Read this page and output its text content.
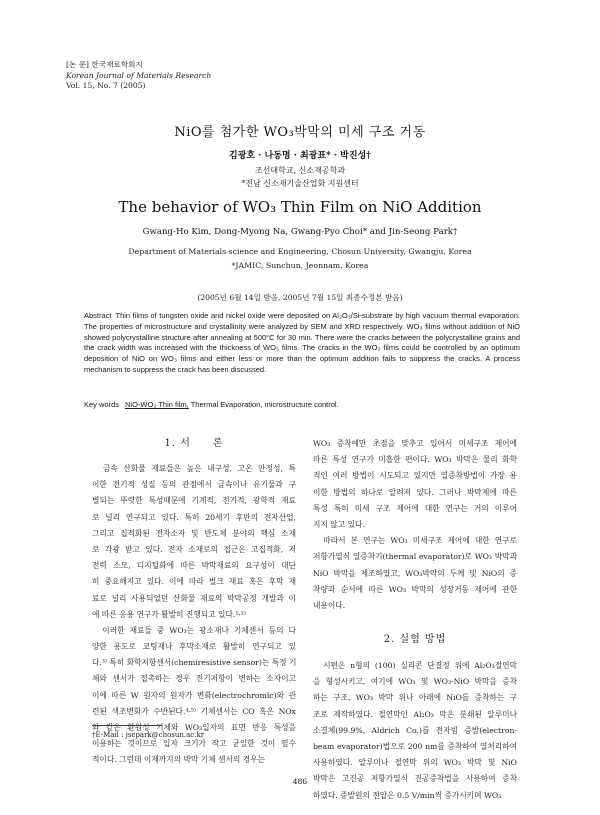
[논 문] 한국재료학회지
Korean Journal of Materials Research
Vol. 15, No. 7 (2005)
NiO를 첨가한 WO₃박막의 미세 구조 거동
김광호 · 나동명 · 최광표* · 박진성†
조선대학교, 신소재공학과
*전남 신소재기술산업화 지원센터
The behavior of WO₃ Thin Film on NiO Addition
Gwang-Ho Kim, Dong-Myong Na, Gwang-Pyo Choi* and Jin-Seong Park†
Department of Materials science and Engineering, Chosun University, Gwangju, Korea
*JAMIC, Sunchun, Jeonnam, Korea
(2005년 6월 14일 받음, 2005년 7월 15일 최종수정본 받음)
Abstract Thin films of tungsten oxide and nickel oxide were deposited on Al₂O₃/Si-substrate by high vacuum thermal evaporation. The properties of microstructure and crystallinity were analyzed by SEM and XRD respectively. WO₃ films without addition of NiO showed polycrystalline structure after annealing at 500°C for 30 min. There were the cracks between the polycrystalline grains and the crack width was increased with the thickness of WO₃ films. The cracks in the WO₃ films could be controlled by an optimum deposition of NiO on WO₃ films and either less or more than the optimum addition fails to suppress the cracks. A process mechanism to suppress the crack has been discussed.
Key words NiO-WO₃ Thin film, Thermal Evaporation, microstructure control.
1. 서　　론
　금속 산화물 재료들은 높은 내구성, 고온 안정성, 특
이한 전기적 성질 등의 관점에서 금속이나 유기물과 구
별되는 뚜렷한 특성때문에 기계적, 전기적, 광학적 재료
로 널리 연구되고 있다. 특히 20세기 후반의 전자산업,
그리고 집적화된 전자소자 및 반도체 분야의 핵심 소재
로 각광 받고 있다. 전자 소재로의 접근은 고집적화, 저
전력 소모, 디지털화에 따른 박막재료의 요구성이 대단
히 중요해지고 있다. 이에 따라 벌크 재료 혹은 후막 재
료로 널리 사용되었던 산화물 재료의 박막공정 개발과 이
에 따른 응용 연구가 활발히 진행되고 있다.¹·²⁾
　이러한 재료들 중 WO₃는 광소재나 기체센서 등의 다
양한 용도로 코팅재나 후막소재로 활발히 연구되고 있
다.³⁾ 특히 화학저항센서(chemiresistive sensor)는 특정 기
체와 센서가 접촉하는 경우 전기저항이 변하는 소자이고
이에 따른 W 원자의 원자가 변화(electrochromic)와 관
련된 색조변화가 수반된다.⁴·⁵⁾ 기체센서는 CO 혹은 NOx
와 같은 환원성 기체와 WO₃입자의 표면 반응 특성을
이용하는 것이므로 입자 크기가 작고 균일한 것이 필수
적이다. 그런데 이제까지의 박막 기체 센서의 경우는
WO₃ 증착예만 초점을 맞추고 있어서 미세구조 제어에
따른 특성 연구가 미흡한 편이다. WO₃ 박막은 물리 화학
적인 여러 방법이 시도되고 있지만 열증착방법이 가장 용
이한 방법의 하나로 알려져 있다. 그러나 박막제에 따른
특성 특히 미세 구조 제어에 대한 연구는 거의 이루어
지지 않고 있다.
　따라서 본 연구는 WO₃ 미세구조 제어에 대한 연구로
저항가열식 열증착기(thermal evaporator)로 WO₃ 박막과
NiO 박막을 제조하였고, WO₃박막의 두께 및 NiO의 증
착량과 순서에 따른 WO₃ 박막의 성장거동 제어에 관한
내용이다.
2. 실험 방법
　시편은 n형의 (100) 실리콘 단결정 위에 Al₂O₃절연막
을 형성시키고, 여기에 WO₃ 및 WO₃-NiO 박막을 증착
하는 구조, WO₃ 박막 위나 아래에 NiO를 증착하는 구
조로 제작하였다. 절연막인 Al₂O₃ 막은 분쇄된 알루미나
소결체(99.9%, Aldrich Co.)를 전자빔 증발(electron-
beam evaporator)법으로 200 nm를 증착하여 열처리하여
사용하였다. 알루미나 절연막 위의 WO₃ 박막 및 NiO
박막은 고진공 저항가열식 진공증착법을 사용하여 증착
하였다. 증발원의 전압은 0.5 V/min씩 증가시키며 WO₃
†E-Mail : jscpark@chosun.ac.kr
486
